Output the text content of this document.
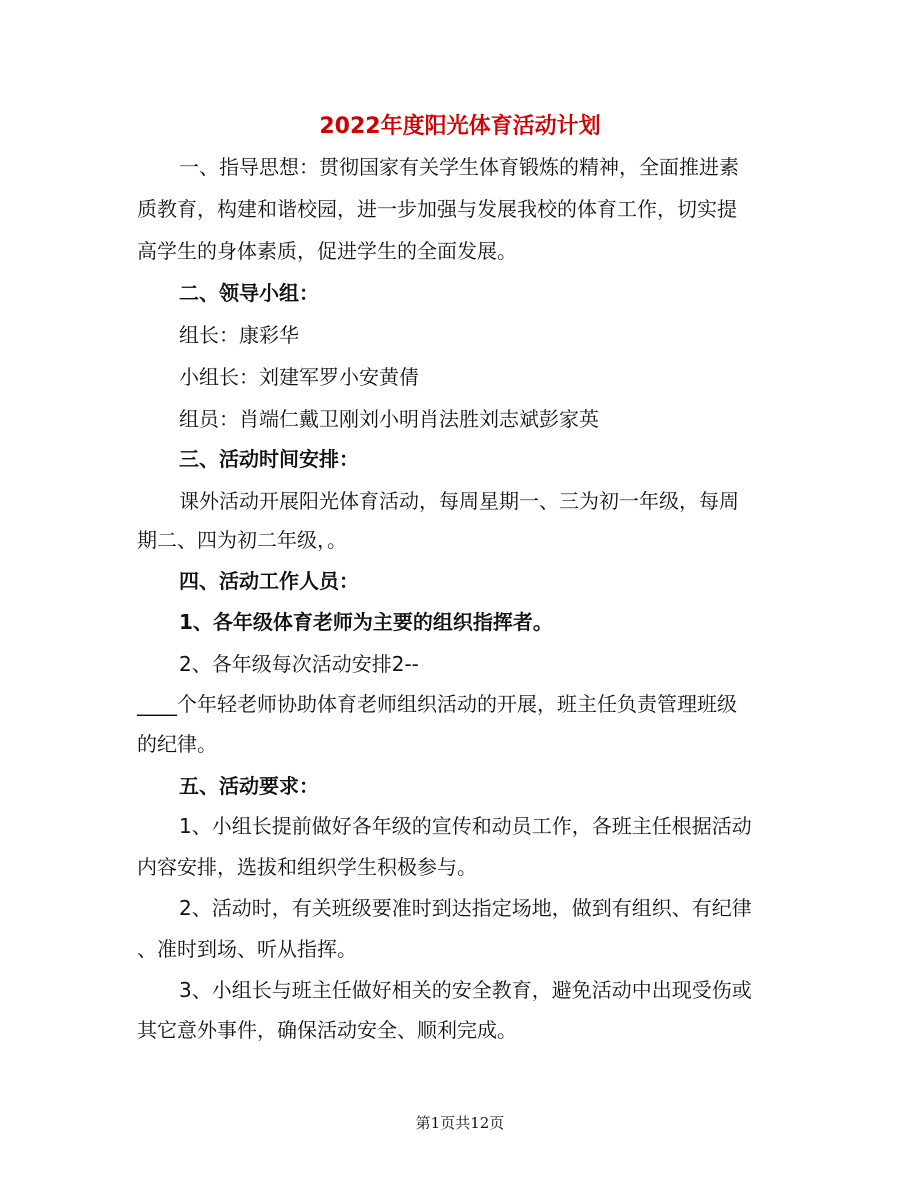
2022年度阳光体育活动计划
一、指导思想：贯彻国家有关学生体育锻炼的精神，全面推进素
质教育，构建和谐校园，进一步加强与发展我校的体育工作，切实提
高学生的身体素质，促进学生的全面发展。
二、领导小组：
组长：康彩华
小组长：刘建军罗小安黄倩
组员：肖端仁戴卫刚刘小明肖法胜刘志斌彭家英
三、活动时间安排：
课外活动开展阳光体育活动，每周星期一、三为初一年级，每周
期二、四为初二年级，。
四、活动工作人员：
1、各年级体育老师为主要的组织指挥者。
2、各年级每次活动安排2--
____个年轻老师协助体育老师组织活动的开展，班主任负责管理班级
的纪律。
五、活动要求：
1、小组长提前做好各年级的宣传和动员工作，各班主任根据活动
内容安排，选拔和组织学生积极参与。
2、活动时，有关班级要准时到达指定场地，做到有组织、有纪律
、准时到场、听从指挥。
3、小组长与班主任做好相关的安全教育，避免活动中出现受伤或
其它意外事件，确保活动安全、顺利完成。
第1页共12页
